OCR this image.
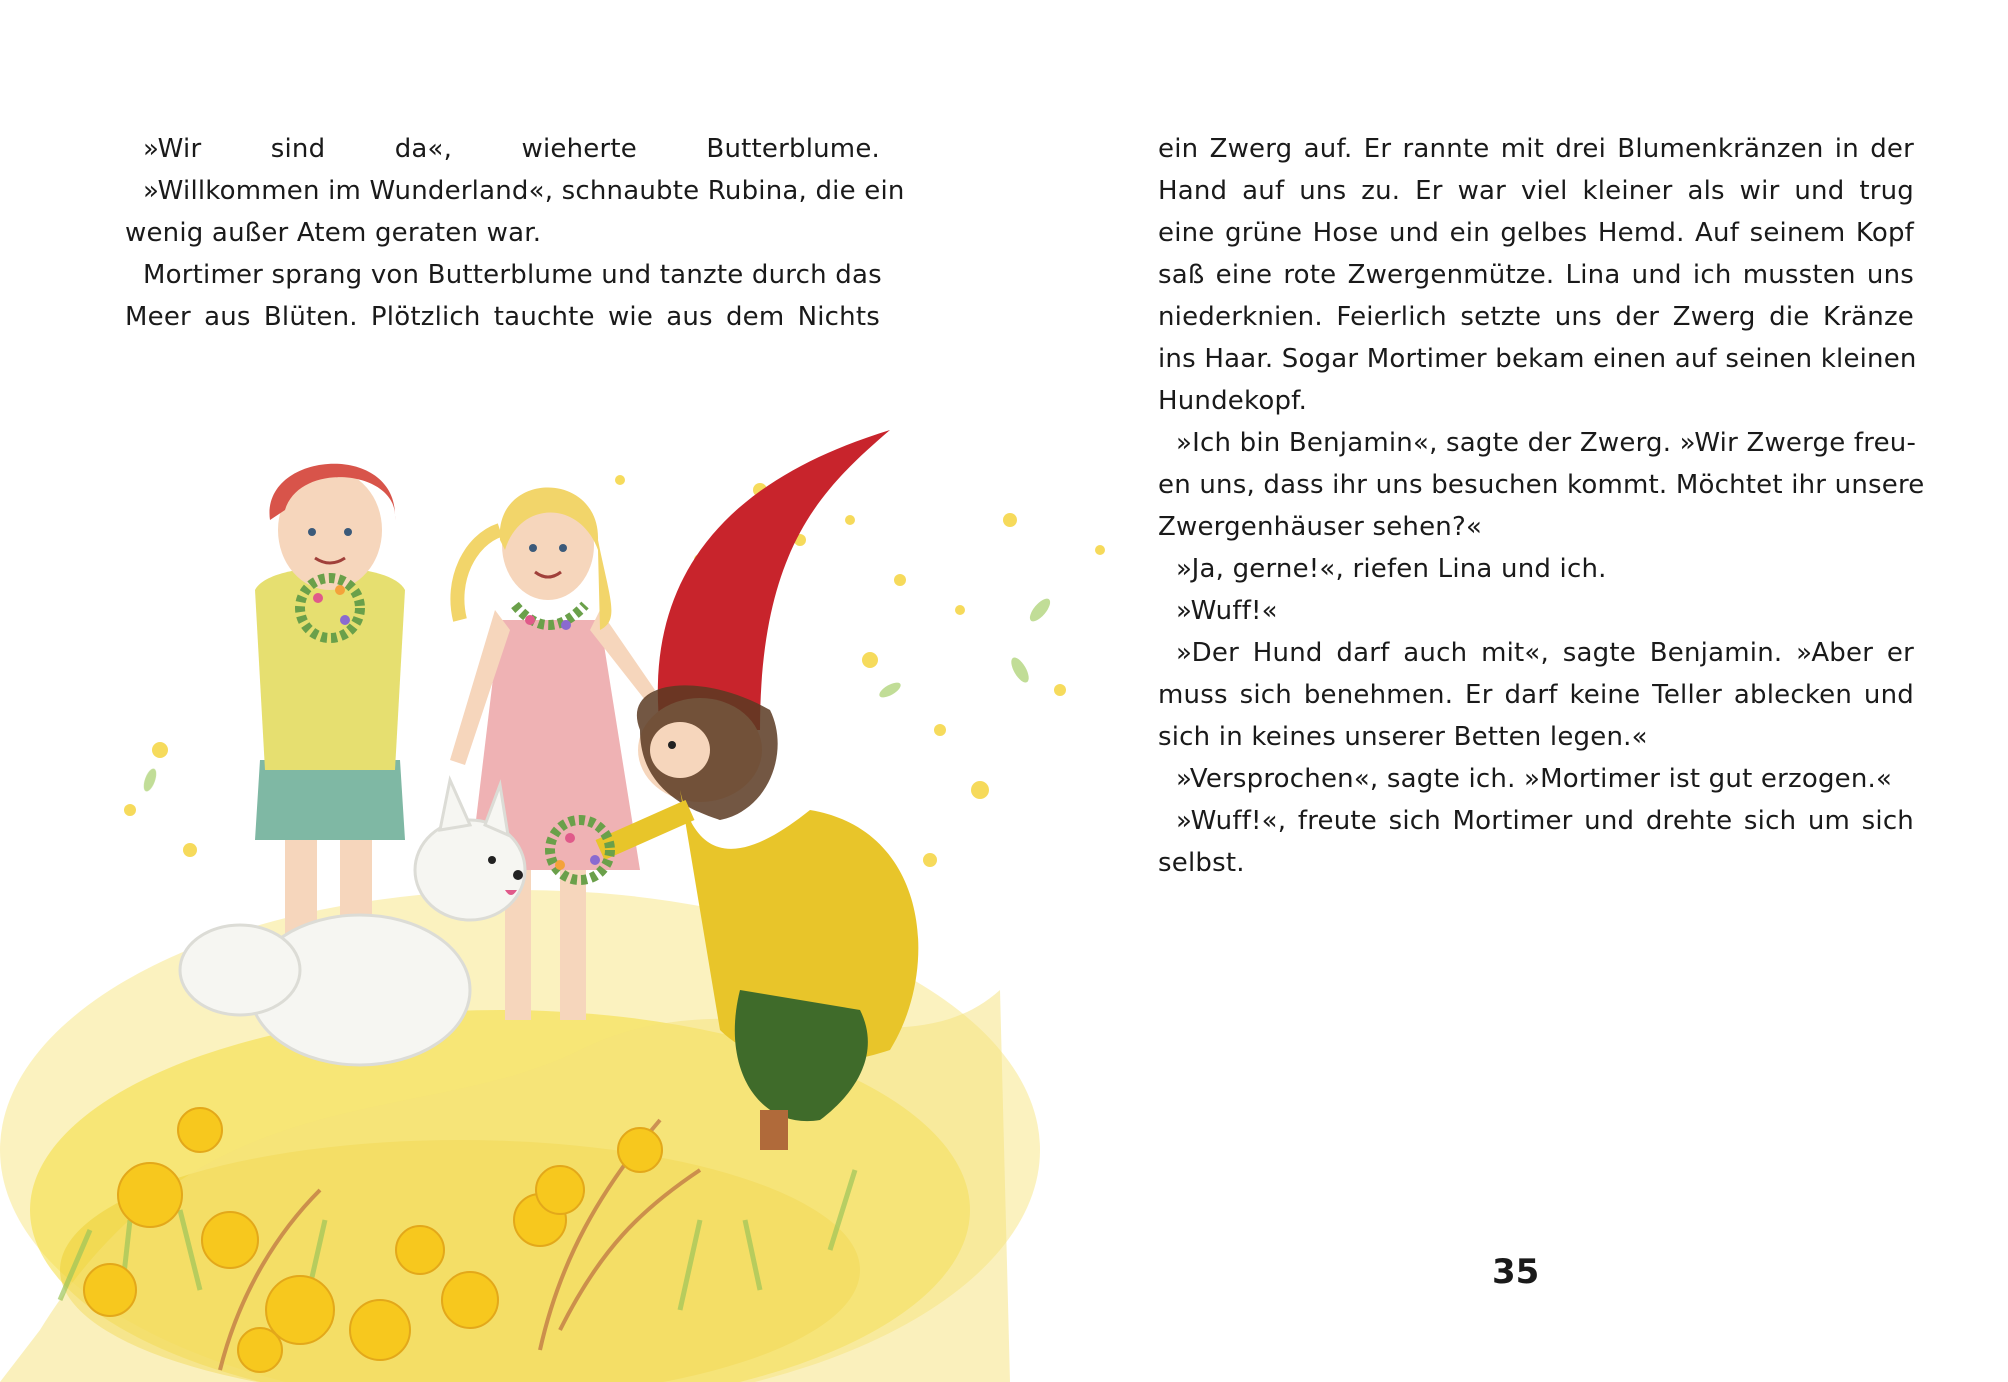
»Wir sind da«, wieherte Butterblume.
»Willkommen im Wunderland«, schnaubte Rubina, die ein
wenig außer Atem geraten war.
Mortimer sprang von Butterblume und tanzte durch das
Meer aus Blüten. Plötzlich tauchte wie aus dem Nichts
ein Zwerg auf. Er rannte mit drei Blumenkränzen in der
Hand auf uns zu. Er war viel kleiner als wir und trug
eine grüne Hose und ein gelbes Hemd. Auf seinem Kopf
saß eine rote Zwergenmütze. Lina und ich mussten uns
niederknien. Feierlich setzte uns der Zwerg die Kränze
ins Haar. Sogar Mortimer bekam einen auf seinen kleinen
Hundekopf.
»Ich bin Benjamin«, sagte der Zwerg. »Wir Zwerge freu-
en uns, dass ihr uns besuchen kommt. Möchtet ihr unsere
Zwergenhäuser sehen?«
»Ja, gerne!«, riefen Lina und ich.
»Wuff!«
»Der Hund darf auch mit«, sagte Benjamin. »Aber er
muss sich benehmen. Er darf keine Teller ablecken und
sich in keines unserer Betten legen.«
»Versprochen«, sagte ich. »Mortimer ist gut erzogen.«
»Wuff!«, freute sich Mortimer und drehte sich um sich
selbst.
35
